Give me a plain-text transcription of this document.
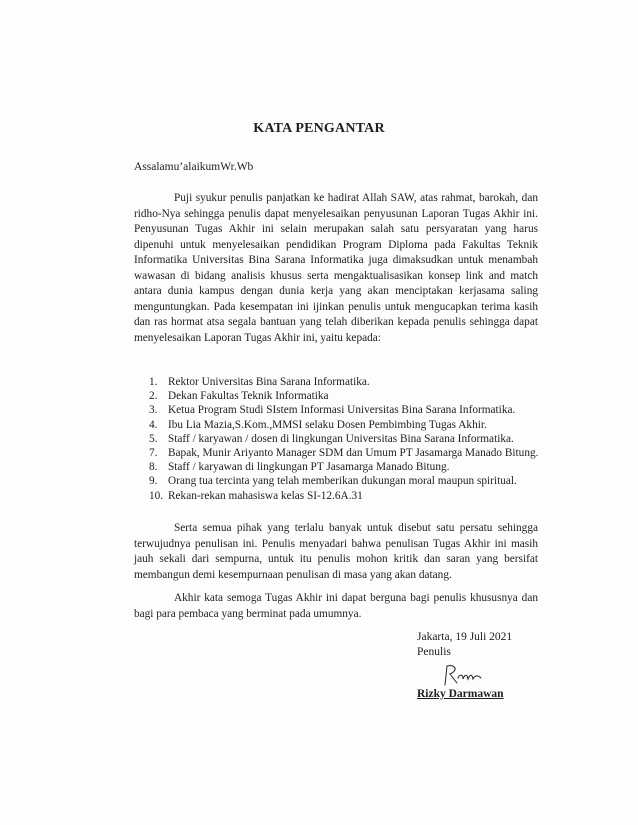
KATA PENGANTAR
Assalamu’alaikumWr.Wb

Puji syukur penulis panjatkan ke hadirat Allah SAW, atas rahmat, barokah, dan ridho-Nya sehingga penulis dapat menyelesaikan penyusunan Laporan Tugas Akhir ini. Penyusunan Tugas Akhir ini selain merupakan salah satu persyaratan yang harus dipenuhi untuk menyelesaikan pendidikan Program Diploma pada Fakultas Teknik Informatika Universitas Bina Sarana Informatika juga dimaksudkan untuk menambah wawasan di bidang analisis khusus serta mengaktualisasikan konsep link and match antara dunia kampus dengan dunia kerja yang akan menciptakan kerjasama saling menguntungkan. Pada kesempatan ini ijinkan penulis untuk mengucapkan terima kasih dan ras hormat atsa segala bantuan yang telah diberikan kepada penulis sehingga dapat menyelesaikan Laporan Tugas Akhir ini, yaitu kepada:

1. Rektor Universitas Bina Sarana Informatika.
2. Dekan Fakultas Teknik Informatika
3. Ketua Program Studi SIstem Informasi Universitas Bina Sarana Informatika.
4. Ibu Lia Mazia,S.Kom.,MMSI selaku Dosen Pembimbing Tugas Akhir.
5. Staff / karyawan / dosen di lingkungan Universitas Bina Sarana Informatika.
7. Bapak, Munir Ariyanto Manager SDM dan Umum PT Jasamarga Manado Bitung.
8. Staff / karyawan di lingkungan PT Jasamarga Manado Bitung.
9. Orang tua tercinta yang telah memberikan dukungan moral maupun spiritual.
10. Rekan-rekan mahasiswa kelas SI-12.6A.31

Serta semua pihak yang terlalu banyak untuk disebut satu persatu sehingga terwujudnya penulisan ini. Penulis menyadari bahwa penulisan Tugas Akhir ini masih jauh sekali dari sempurna, untuk itu penulis mohon kritik dan saran yang bersifat membangun demi kesempurnaan penulisan di masa yang akan datang.

Akhir kata semoga Tugas Akhir ini dapat berguna bagi penulis khususnya dan bagi para pembaca yang berminat pada umumnya.

Jakarta, 19 Juli 2021
Penulis
Rizky Darmawan
